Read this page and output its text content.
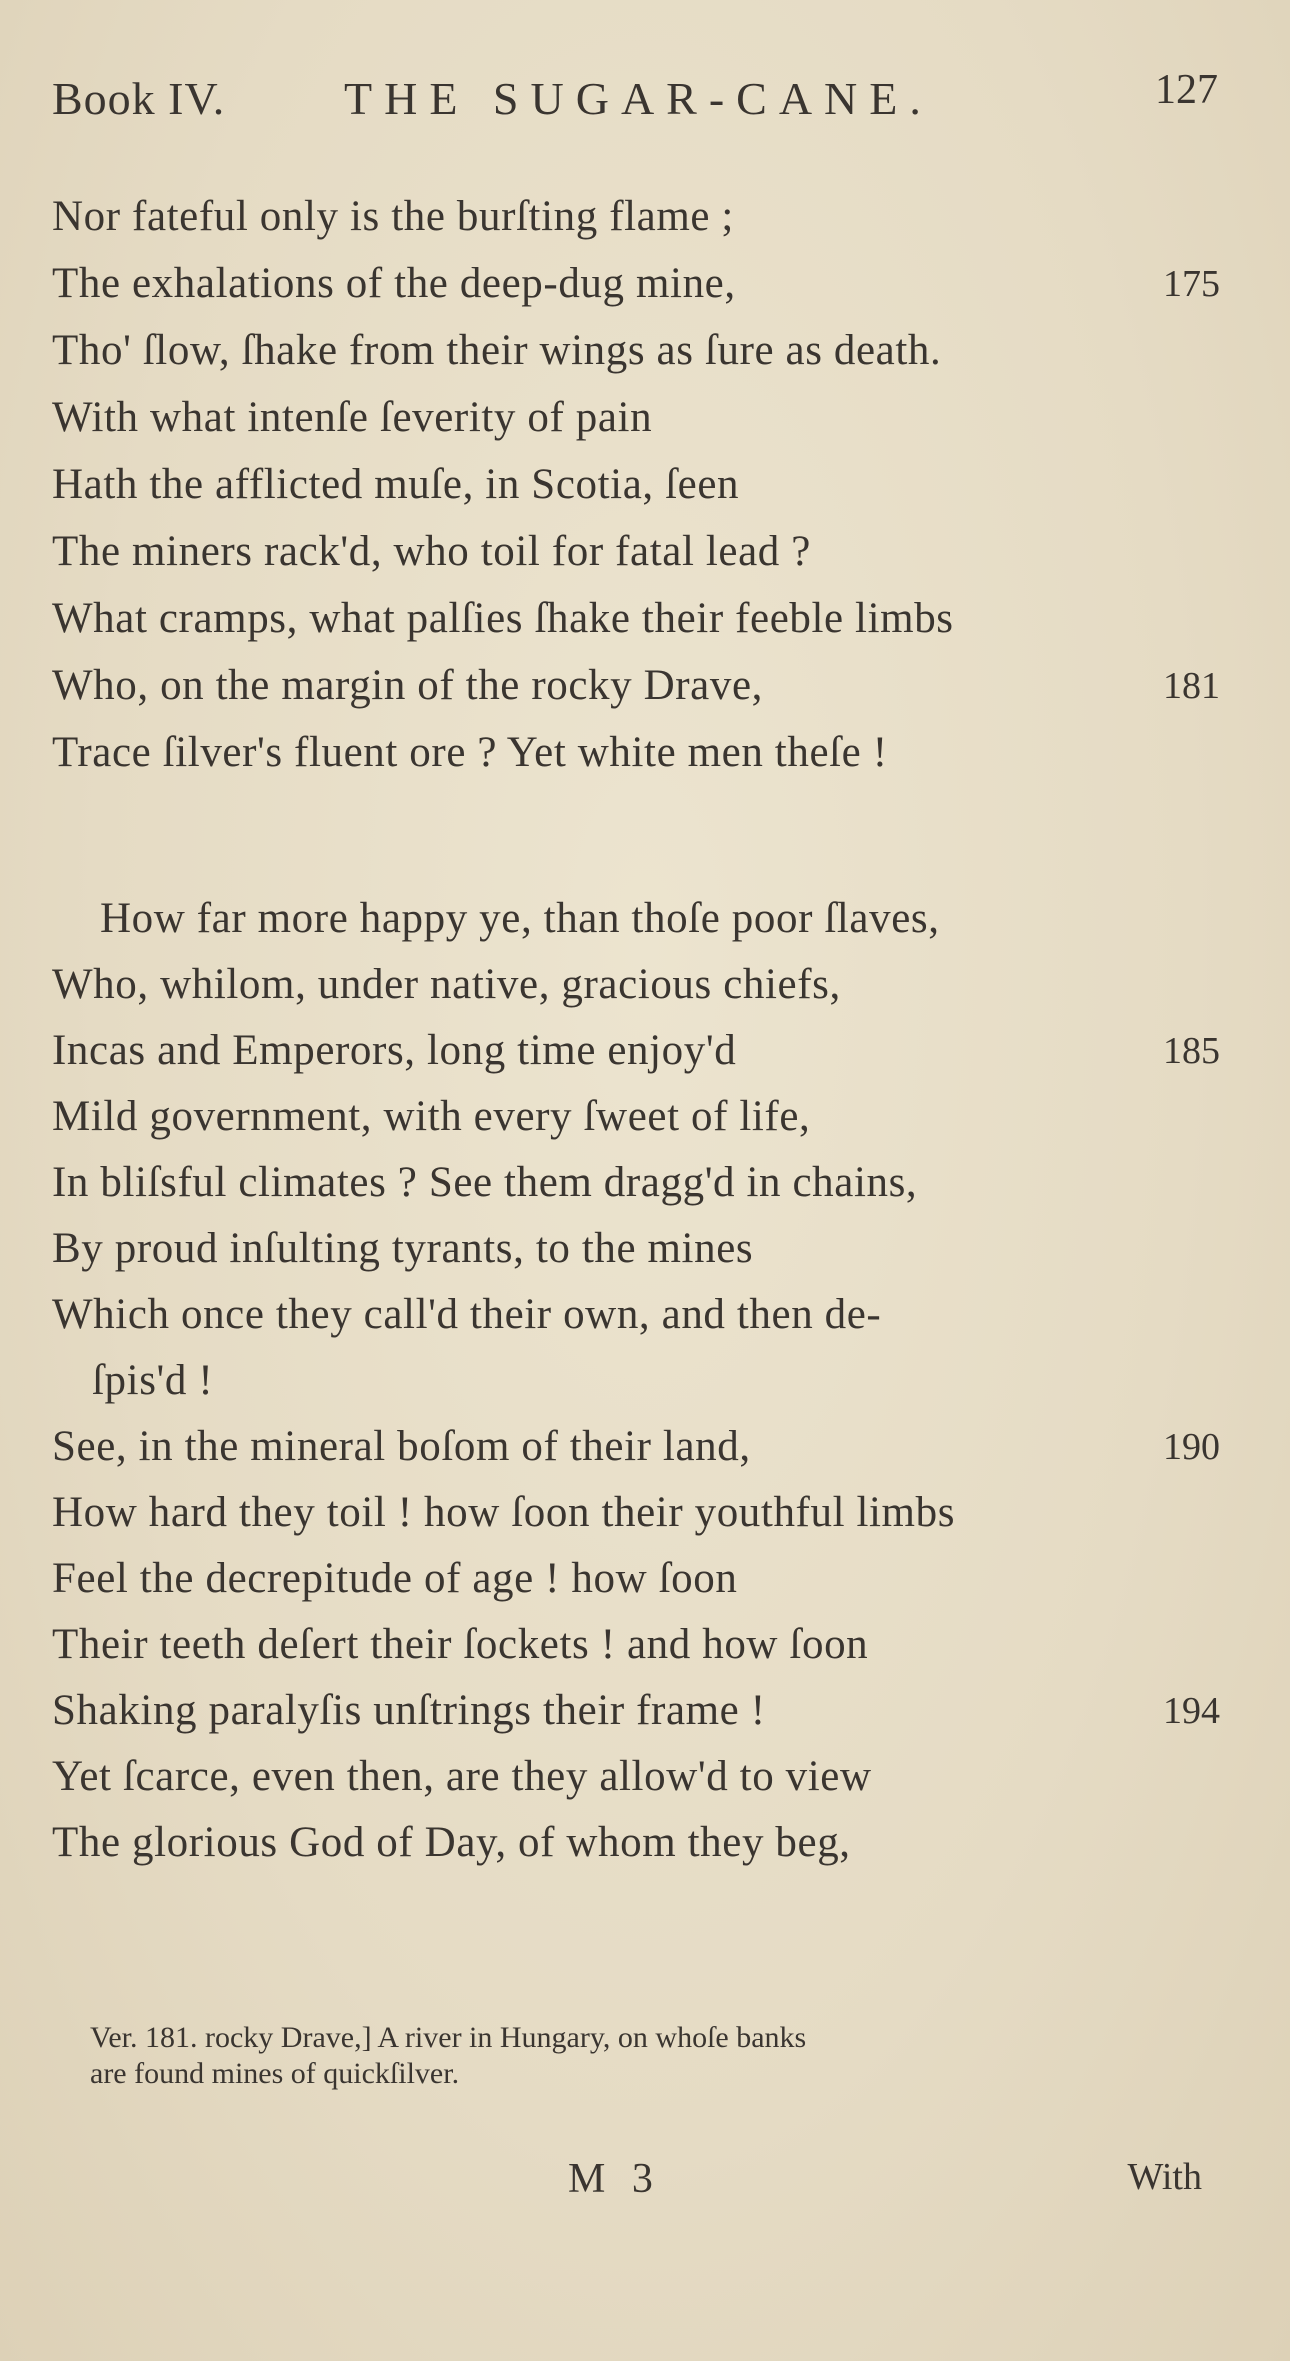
Book IV.	THE SUGAR-CANE.	127
Nor fateful only is the burſting flame ;
The exhalations of the deep-dug mine,	175
Tho' ſlow, ſhake from their wings as ſure as death.
With what intenſe ſeverity of pain
Hath the afflicted muſe, in Scotia, ſeen
The miners rack'd, who toil for fatal lead ?
What cramps, what palſies ſhake their feeble limbs
Who, on the margin of the rocky Drave,	181
Trace ſilver's fluent ore ? Yet white men theſe !
How far more happy ye, than thoſe poor ſlaves,
Who, whilom, under native, gracious chiefs,
Incas and Emperors, long time enjoy'd	185
Mild government, with every ſweet of life,
In bliſsful climates ? See them dragg'd in chains,
By proud inſulting tyrants, to the mines
Which once they call'd their own, and then de-
ſpis'd !
See, in the mineral boſom of their land,	190
How hard they toil ! how ſoon their youthful limbs
Feel the decrepitude of age ! how ſoon
Their teeth deſert their ſockets ! and how ſoon
Shaking paralyſis unſtrings their frame !	194
Yet ſcarce, even then, are they allow'd to view
The glorious God of Day, of whom they beg,
Ver. 181. rocky Drave,] A river in Hungary, on whoſe banks
are found mines of quickſilver.
M 3	With
